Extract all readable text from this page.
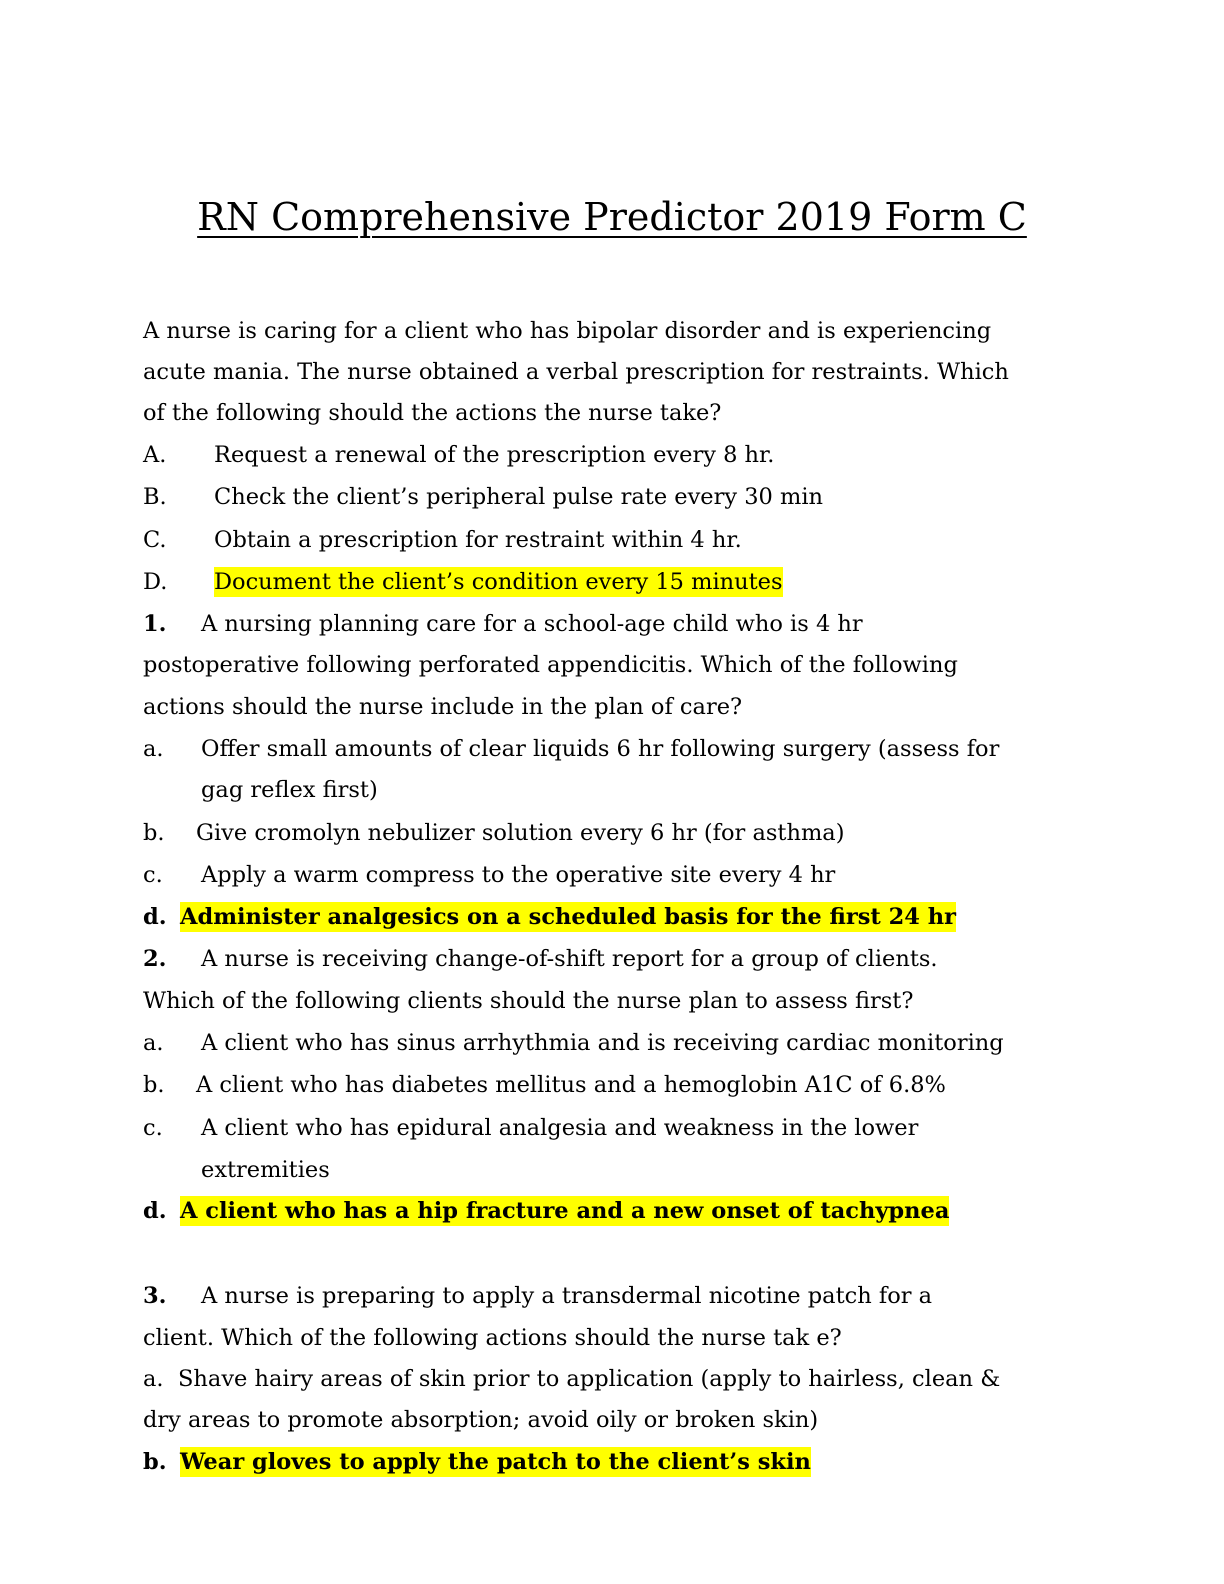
RN Comprehensive Predictor 2019 Form C
A nurse is caring for a client who has bipolar disorder and is experiencing
acute mania. The nurse obtained a verbal prescription for restraints. Which
of the following should the actions the nurse take?
A. Request a renewal of the prescription every 8 hr.
B. Check the client’s peripheral pulse rate every 30 min
C. Obtain a prescription for restraint within 4 hr.
D. Document the client’s condition every 15 minutes
1. A nursing planning care for a school-age child who is 4 hr
postoperative following perforated appendicitis. Which of the following
actions should the nurse include in the plan of care?
a. Offer small amounts of clear liquids 6 hr following surgery (assess for
gag reflex first)
b. Give cromolyn nebulizer solution every 6 hr (for asthma)
c. Apply a warm compress to the operative site every 4 hr
d. Administer analgesics on a scheduled basis for the first 24 hr
2. A nurse is receiving change-of-shift report for a group of clients.
Which of the following clients should the nurse plan to assess first?
a. A client who has sinus arrhythmia and is receiving cardiac monitoring
b. A client who has diabetes mellitus and a hemoglobin A1C of 6.8%
c. A client who has epidural analgesia and weakness in the lower
extremities
d. A client who has a hip fracture and a new onset of tachypnea
3. A nurse is preparing to apply a transdermal nicotine patch for a
client. Which of the following actions should the nurse tak e?
a. Shave hairy areas of skin prior to application (apply to hairless, clean &
dry areas to promote absorption; avoid oily or broken skin)
b. Wear gloves to apply the patch to the client’s skin
